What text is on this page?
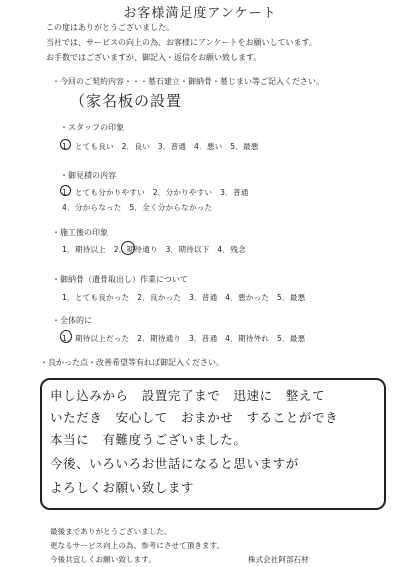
お客様満足度アンケート
この度はありがとうございました。
当社では、サービスの向上の為、お客様にアンケートをお願いしています。
お手数ではございますが、御記入・返信をお願い致します。
・今回のご契約内容・・・墓石建立・御納骨・墓じまい等ご記入ください。
（家名板の設置
・スタッフの印象
1．とても良い　2．良い　3．普通　4．悪い　5．最悪
・御見積の内容
1．とても分かりやすい　2．分かりやすい　3．普通
4．分からなった　5．全く分からなかった
・施工後の印象
1．期待以上　2．期待通り　3．期待以下　4．残念
・御納骨（遺骨取出し）作業について
1．とても良かった　2．良かった　3．普通　4．悪かった　5．最悪
・全体的に
1．期待以上だった　2．期待通り　3．普通　4．期待外れ　5．最悪
・良かった点・改善希望等有れば御記入ください。
申し込みから　設置完了まで　迅速に　整えて
いただき　安心して　おまかせ　することができ
本当に　有難度うございました。
今後、いろいろお世話になると思いますが
よろしくお願い致します
最後までありがとうございました。
更なるサービス向上の為、参考にさせて頂きます。
今後共宜しくお願い致します。	株式会社阿部石材
